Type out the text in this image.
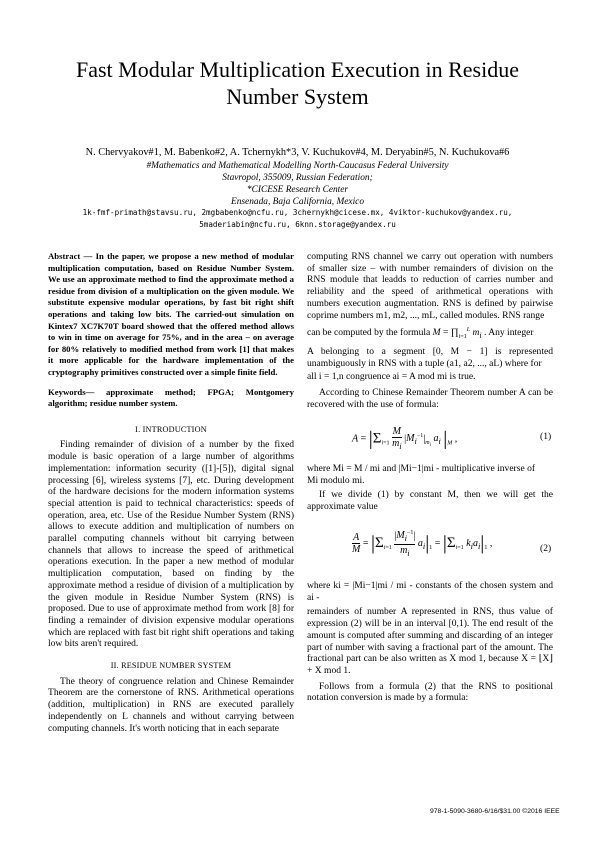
Fast Modular Multiplication Execution in Residue
Number System
N. Chervyakov#1, M. Babenko#2, A. Tchernykh*3, V. Kuchukov#4, M. Deryabin#5, N. Kuchukova#6
#Mathematics and Mathematical Modelling North-Caucasus Federal University
Stavropol, 355009, Russian Federation;
*CICESE Research Center
Ensenada, Baja California, Mexico
1k-fmf-primath@stavsu.ru, 2mgbabenko@ncfu.ru, 3chernykh@cicese.mx, 4viktor-kuchukov@yandex.ru,
5maderiabin@ncfu.ru, 6knn.storage@yandex.ru
Abstract — In the paper, we propose a new method of modular multiplication computation, based on Residue Number System. We use an approximate method to find the approximate method a residue from division of a multiplication on the given module. We substitute expensive modular operations, by fast bit right shift operations and taking low bits. The carried-out simulation on Kintex7 XC7K70T board showed that the offered method allows to win in time on average for 75%, and in the area – on average for 80% relatively to modified method from work [1] that makes it more applicable for the hardware implementation of the cryptography primitives constructed over a simple finite field.
Keywords— approximate method; FPGA; Montgomery algorithm; residue number system.
I. INTRODUCTION
Finding remainder of division of a number by the fixed module is basic operation of a large number of algorithms implementation: information security ([1]-[5]), digital signal processing [6], wireless systems [7], etc. During development of the hardware decisions for the modern information systems special attention is paid to technical characteristics: speeds of operation, area, etc. Use of the Residue Number System (RNS) allows to execute addition and multiplication of numbers on parallel computing channels without bit carrying between channels that allows to increase the speed of arithmetical operations execution. In the paper a new method of modular multiplication computation, based on finding by the approximate method a residue of division of a multiplication by the given module in Residue Number System (RNS) is proposed. Due to use of approximate method from work [8] for finding a remainder of division expensive modular operations which are replaced with fast bit right shift operations and taking low bits aren't required.
II. RESIDUE NUMBER SYSTEM
The theory of congruence relation and Chinese Remainder Theorem are the cornerstone of RNS. Arithmetical operations (addition, multiplication) in RNS are executed parallely independently on L channels and without carrying between computing channels. It's worth noticing that in each separate
computing RNS channel we carry out operation with numbers of smaller size – with number remainders of division on the RNS module that leadds to reduction of carries number and reliability and the speed of arithmetical operations with numbers execution augmentation. RNS is defined by pairwise coprime numbers m1, m2, ..., mL, called modules. RNS range
can be computed by the formula $M = \prod_{i=1}^L$ $m_i$ . Any integer
A belonging to a segment [0, M − 1] is represented unambiguously in RNS with a tuple (a1, a2, ..., aL) where for
all i = 1,n congruence ai = A mod mi is true.
According to Chinese Remainder Theorem number A can be recovered with the use of formula:
$A = |\Sigma_{i=1} \frac{M}{m_i} |M_i^{-1}|_{m_i}$ $a_i$ $|_M$ ,	(1)
where Mi = M / mi and |Mi−1|mi - multiplicative inverse of
Mi modulo mi.
If we divide (1) by constant M, then we will get the approximate value
$\frac{A}{M} = |\Sigma_{i=1} \frac{|M_i^{-1}|}{m_i} a_i|_1 = |\Sigma_{i=1}$ $k_ia_i|_1$ ,	(2)
where ki = |Mi−1|mi / mi - constants of the chosen system and ai -
remainders of number A represented in RNS, thus value of expression (2) will be in an interval [0,1). The end result of the amount is computed after summing and discarding of an integer part of number with saving a fractional part of the amount. The fractional part can be also written as X mod 1, because X = ⌊X⌋ + X mod 1.
Follows from a formula (2) that the RNS to positional notation conversion is made by a formula:
978-1-5090-3680-6/16/$31.00 ©2016 IEEE
